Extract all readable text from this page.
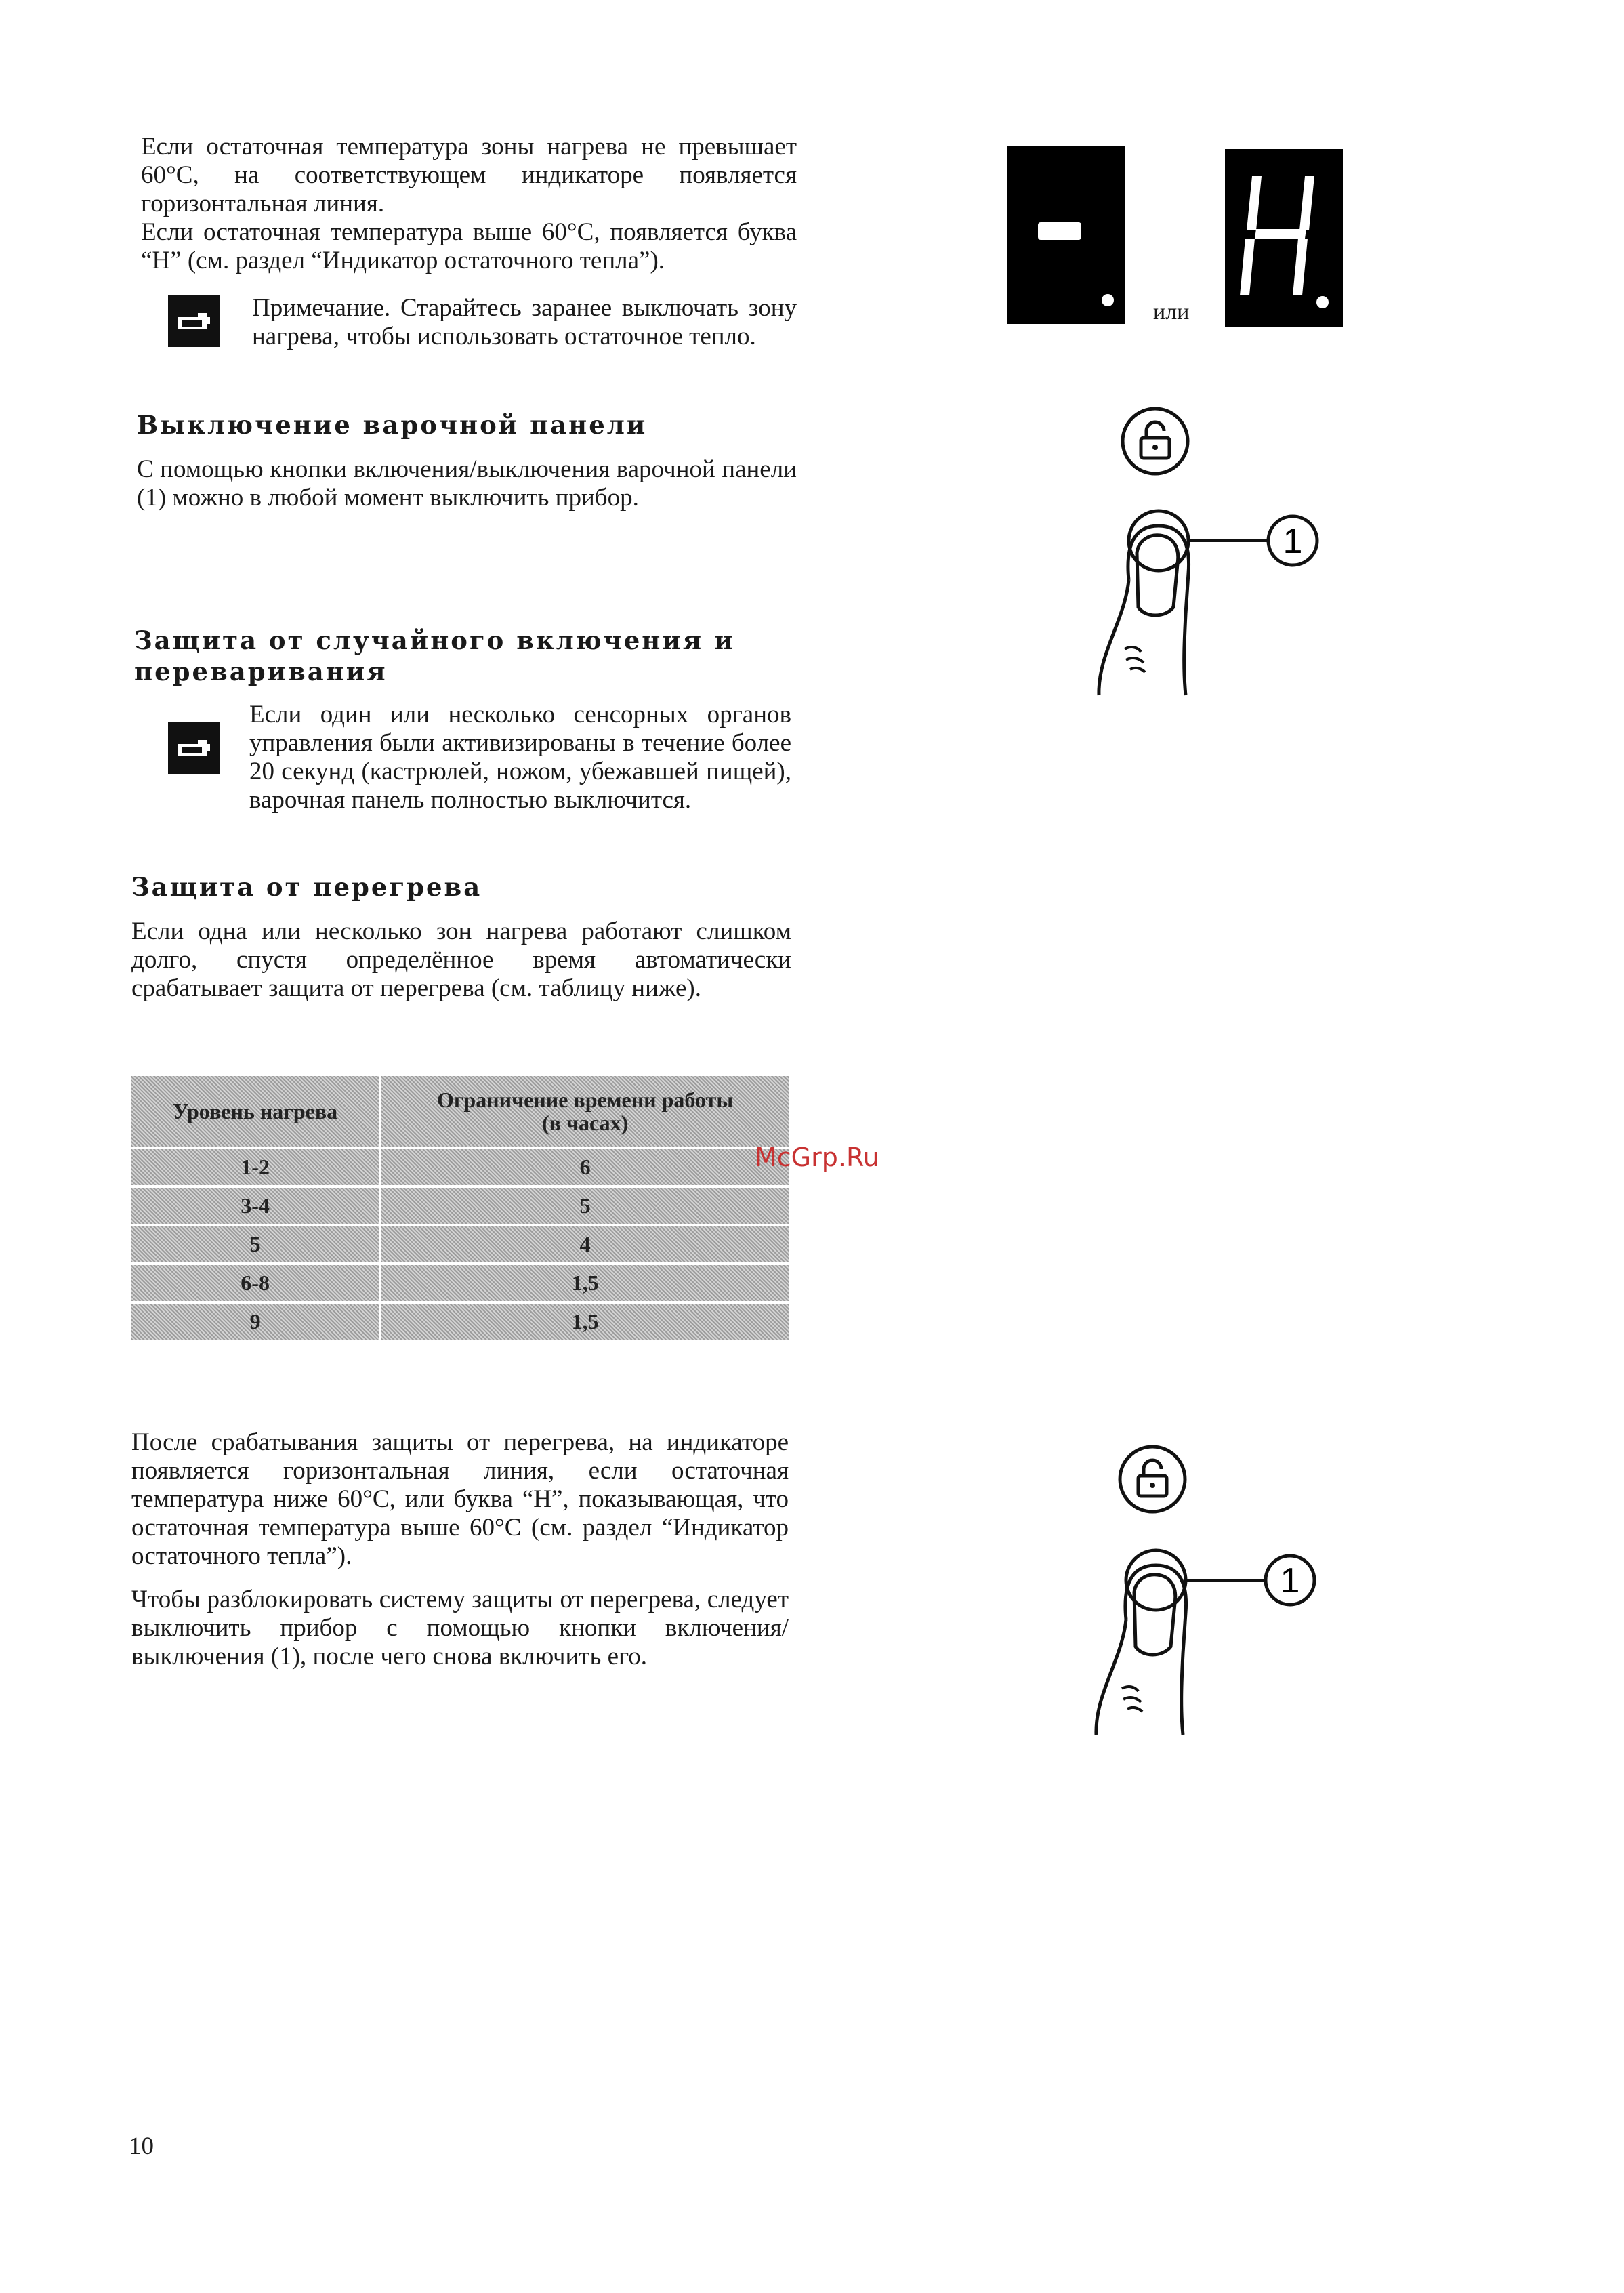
Если остаточная температура зоны нагрева не превышает 60°С, на соответствующем индикаторе появляется горизонтальная линия.
Если остаточная температура выше 60°С, появляется буква “Н” (см. раздел “Индикатор остаточного тепла”).
Примечание. Старайтесь заранее выключать зону нагрева, чтобы использовать остаточное тепло.
Выключение варочной панели
С помощью кнопки включения/выключения варочной панели (1) можно в любой момент выключить прибор.
Защита от случайного включения и переваривания
Если один или несколько сенсорных органов управления были активизированы в течение более 20 секунд (кастрюлей, ножом, убежавшей пищей), варочная панель полностью выключится.
Защита от перегрева
Если одна или несколько зон нагрева работают слишком долго, спустя определённое время автоматически срабатывает защита от перегрева (см. таблицу ниже).
Уровень нагрева	Ограничение времени работы
(в часах)

1-2	6
3-4	5
5	4
6-8	1,5
9	1,5
После срабатывания защиты от перегрева, на индикаторе появляется горизонтальная линия, если остаточная температура ниже 60°С, или буква “Н”, показывающая, что остаточная температура выше 60°С (см. раздел “Индикатор остаточного тепла”).
Чтобы разблокировать систему защиты от перегрева, следует выключить прибор с помощью кнопки включения/выключения (1), после чего снова включить его.
или
1
1
McGrp.Ru
10
